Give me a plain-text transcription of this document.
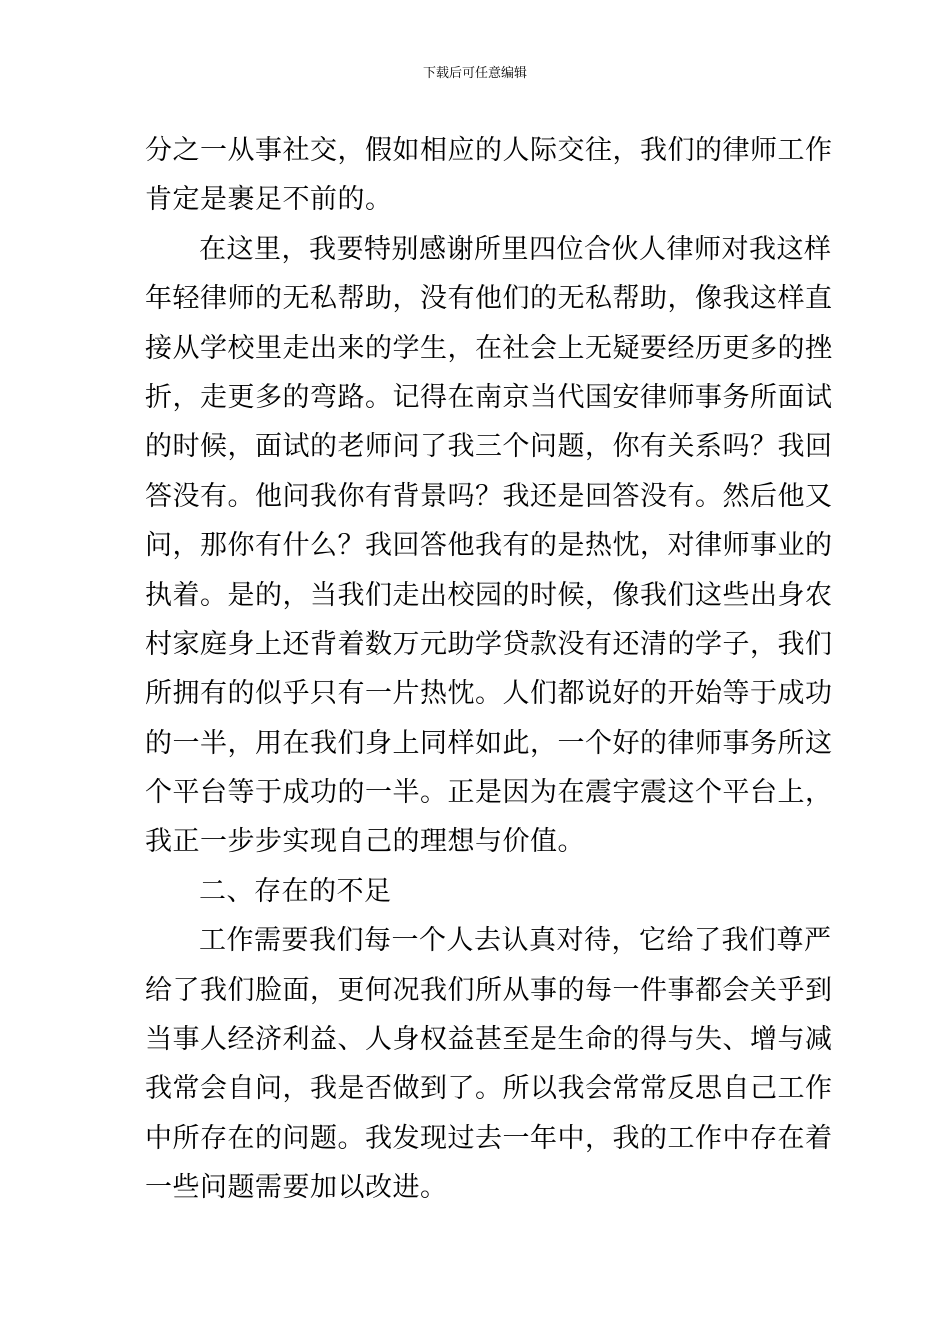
下载后可任意编辑
分之一从事社交，假如相应的人际交往，我们的律师工作
肯定是裹足不前的。
在这里，我要特别感谢所里四位合伙人律师对我这样
年轻律师的无私帮助，没有他们的无私帮助，像我这样直
接从学校里走出来的学生，在社会上无疑要经历更多的挫
折，走更多的弯路。记得在南京当代国安律师事务所面试
的时候，面试的老师问了我三个问题，你有关系吗？我回
答没有。他问我你有背景吗？我还是回答没有。然后他又
问，那你有什么？我回答他我有的是热忱，对律师事业的
执着。是的，当我们走出校园的时候，像我们这些出身农
村家庭身上还背着数万元助学贷款没有还清的学子，我们
所拥有的似乎只有一片热忱。人们都说好的开始等于成功
的一半，用在我们身上同样如此，一个好的律师事务所这
个平台等于成功的一半。正是因为在震宇震这个平台上，
我正一步步实现自己的理想与价值。
二、存在的不足
工作需要我们每一个人去认真对待，它给了我们尊严
给了我们脸面，更何况我们所从事的每一件事都会关乎到
当事人经济利益、人身权益甚至是生命的得与失、增与减
我常会自问，我是否做到了。所以我会常常反思自己工作
中所存在的问题。我发现过去一年中，我的工作中存在着
一些问题需要加以改进。
